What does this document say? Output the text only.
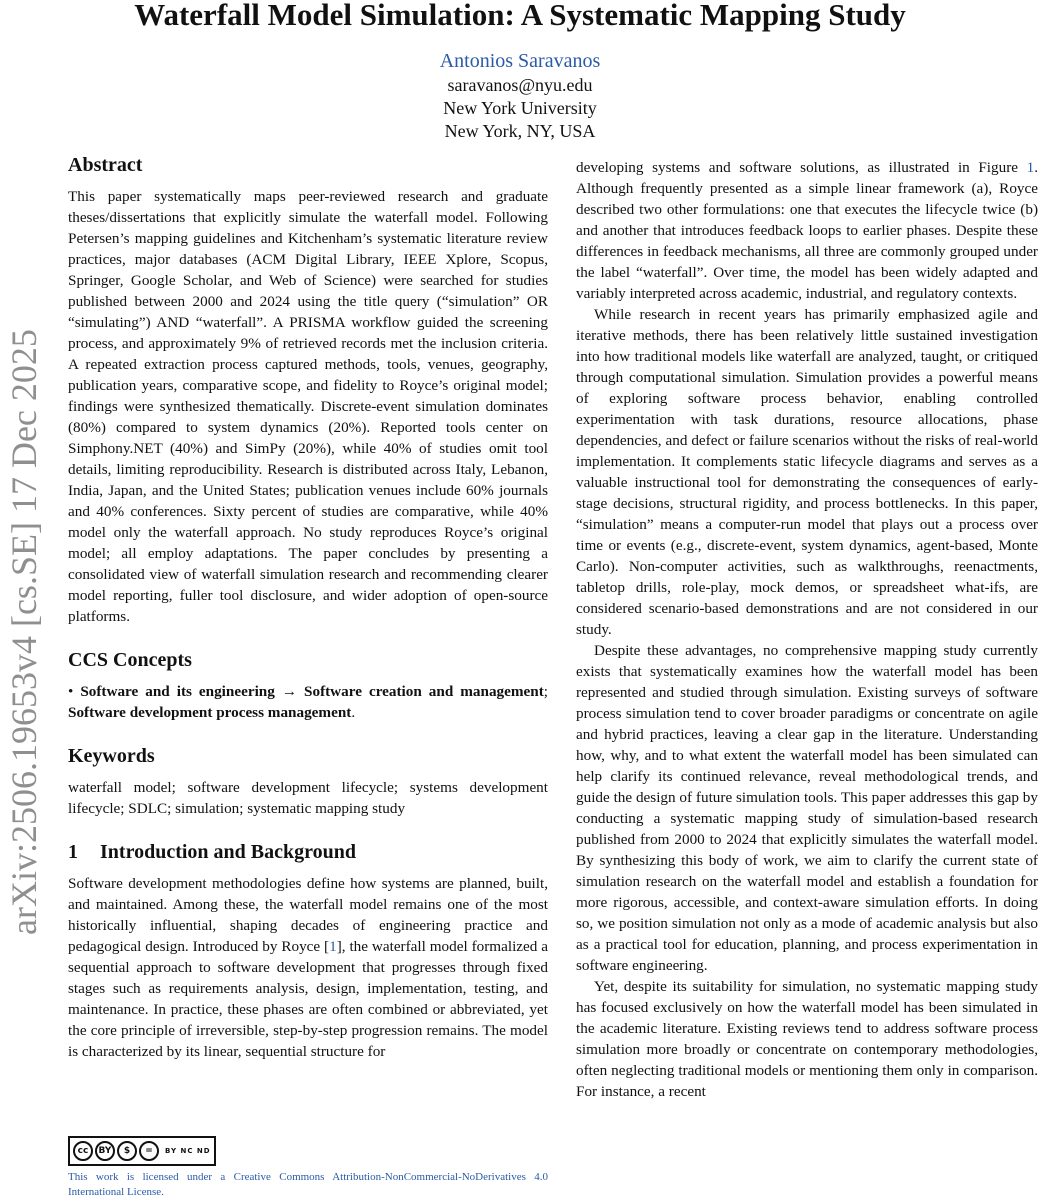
Waterfall Model Simulation: A Systematic Mapping Study
Antonios Saravanos
saravanos@nyu.edu
New York University
New York, NY, USA
arXiv:2506.19653v4 [cs.SE] 17 Dec 2025
Abstract

This paper systematically maps peer-reviewed research and graduate theses/dissertations that explicitly simulate the waterfall model. Following Petersen’s mapping guidelines and Kitchenham’s systematic literature review practices, major databases (ACM Digital Library, IEEE Xplore, Scopus, Springer, Google Scholar, and Web of Science) were searched for studies published between 2000 and 2024 using the title query (“simulation” OR “simulating”) AND “waterfall”. A PRISMA workflow guided the screening process, and approximately 9% of retrieved records met the inclusion criteria. A repeated extraction process captured methods, tools, venues, geography, publication years, comparative scope, and fidelity to Royce’s original model; findings were synthesized thematically. Discrete-event simulation dominates (80%) compared to system dynamics (20%). Reported tools center on Simphony.NET (40%) and SimPy (20%), while 40% of studies omit tool details, limiting reproducibility. Research is distributed across Italy, Lebanon, India, Japan, and the United States; publication venues include 60% journals and 40% conferences. Sixty percent of studies are comparative, while 40% model only the waterfall approach. No study reproduces Royce’s original model; all employ adaptations. The paper concludes by presenting a consolidated view of waterfall simulation research and recommending clearer model reporting, fuller tool disclosure, and wider adoption of open-source platforms.

CCS Concepts

• Software and its engineering → Software creation and management; Software development process management.

Keywords

waterfall model; software development lifecycle; systems development lifecycle; SDLC; simulation; systematic mapping study

1 Introduction and Background

Software development methodologies define how systems are planned, built, and maintained. Among these, the waterfall model remains one of the most historically influential, shaping decades of engineering practice and pedagogical design. Introduced by Royce [1], the waterfall model formalized a sequential approach to software development that progresses through fixed stages such as requirements analysis, design, implementation, testing, and maintenance. In practice, these phases are often combined or abbreviated, yet the core principle of irreversible, step-by-step progression remains. The model is characterized by its linear, sequential structure for

developing systems and software solutions, as illustrated in Figure 1. Although frequently presented as a simple linear framework (a), Royce described two other formulations: one that executes the lifecycle twice (b) and another that introduces feedback loops to earlier phases. Despite these differences in feedback mechanisms, all three are commonly grouped under the label “waterfall”. Over time, the model has been widely adapted and variably interpreted across academic, industrial, and regulatory contexts.

While research in recent years has primarily emphasized agile and iterative methods, there has been relatively little sustained investigation into how traditional models like waterfall are analyzed, taught, or critiqued through computational simulation. Simulation provides a powerful means of exploring software process behavior, enabling controlled experimentation with task durations, resource allocations, phase dependencies, and defect or failure scenarios without the risks of real-world implementation. It complements static lifecycle diagrams and serves as a valuable instructional tool for demonstrating the consequences of early-stage decisions, structural rigidity, and process bottlenecks. In this paper, “simulation” means a computer-run model that plays out a process over time or events (e.g., discrete-event, system dynamics, agent-based, Monte Carlo). Non-computer activities, such as walkthroughs, reenactments, tabletop drills, role-play, mock demos, or spreadsheet what-ifs, are considered scenario-based demonstrations and are not considered in our study.

Despite these advantages, no comprehensive mapping study currently exists that systematically examines how the waterfall model has been represented and studied through simulation. Existing surveys of software process simulation tend to cover broader paradigms or concentrate on agile and hybrid practices, leaving a clear gap in the literature. Understanding how, why, and to what extent the waterfall model has been simulated can help clarify its continued relevance, reveal methodological trends, and guide the design of future simulation tools. This paper addresses this gap by conducting a systematic mapping study of simulation-based research published from 2000 to 2024 that explicitly simulates the waterfall model. By synthesizing this body of work, we aim to clarify the current state of simulation research on the waterfall model and establish a foundation for more rigorous, accessible, and context-aware simulation efforts. In doing so, we position simulation not only as a mode of academic analysis but also as a practical tool for education, planning, and process experimentation in software engineering.

Yet, despite its suitability for simulation, no systematic mapping study has focused exclusively on how the waterfall model has been simulated in the academic literature. Existing reviews tend to address software process simulation more broadly or concentrate on contemporary methodologies, often neglecting traditional models or mentioning them only in comparison. For instance, a recent

cc	BY	$	=	BY NC ND
This work is licensed under a Creative Commons Attribution-NonCommercial-NoDerivatives 4.0 International License.
